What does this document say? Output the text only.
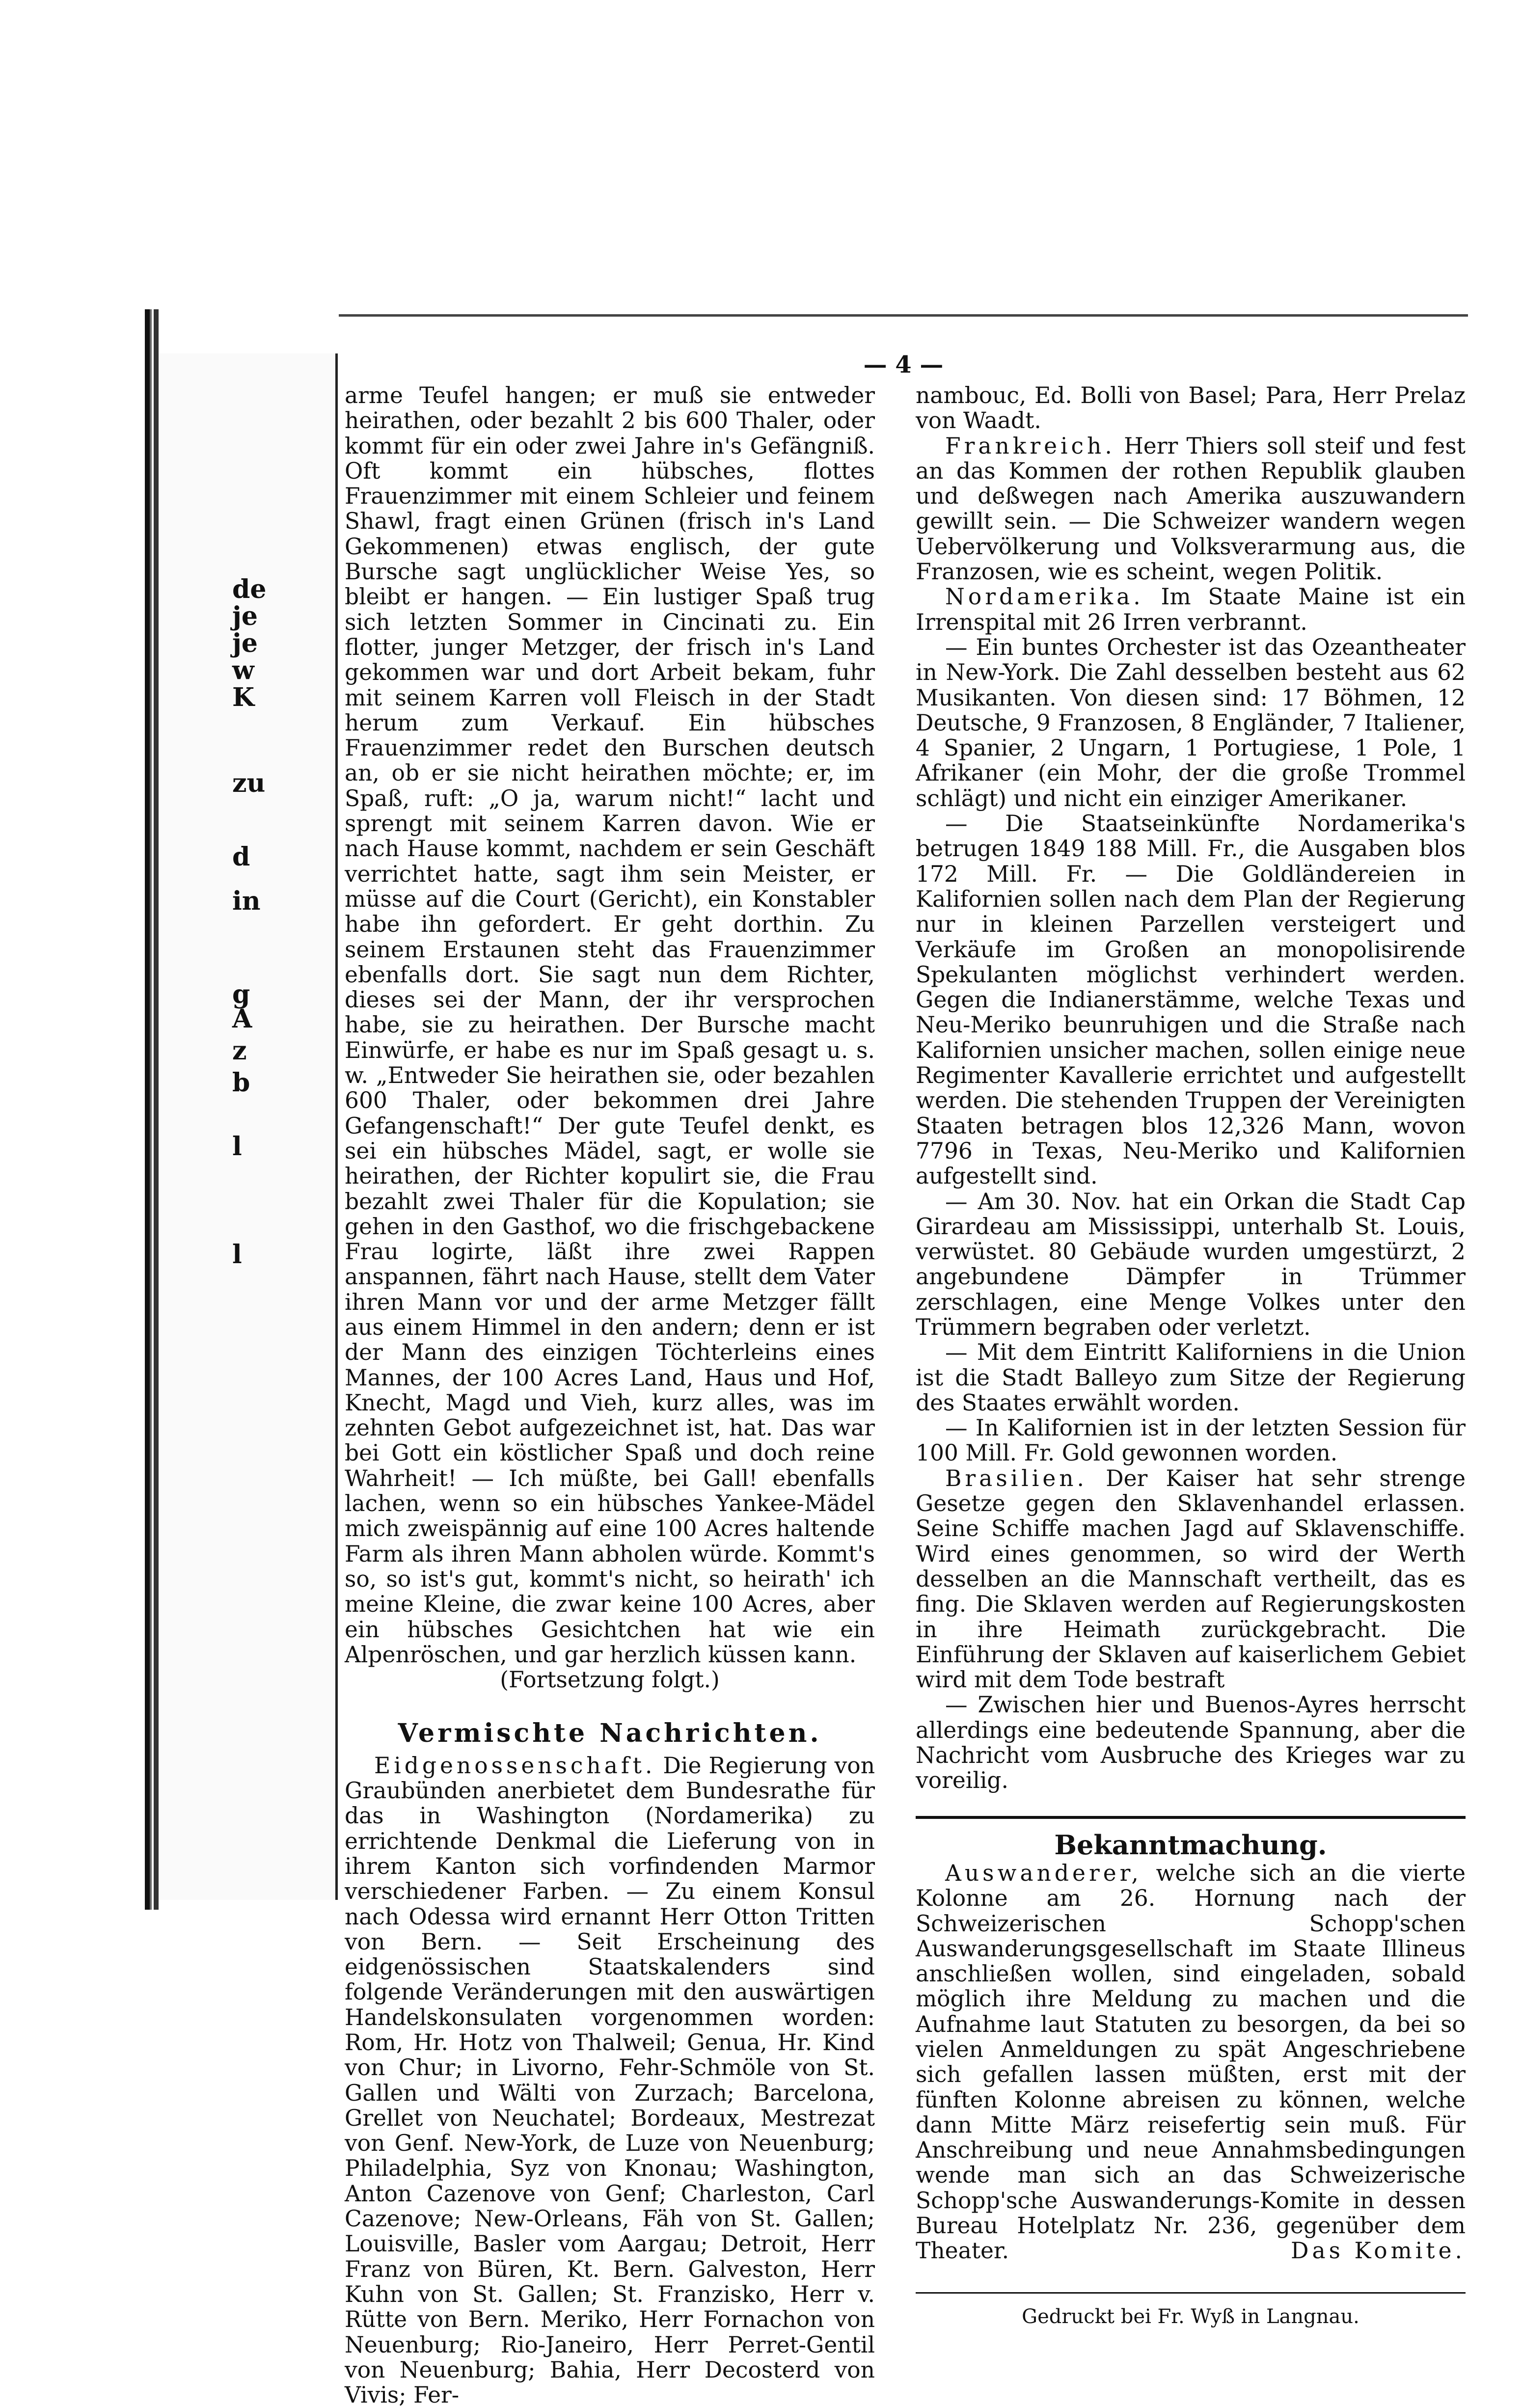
de
je
je
w
K
zu
d
in
g
A
z
b
l
l
— 4 —

arme Teufel hangen; er muß sie entweder heirathen, oder bezahlt 2 bis 600 Thaler, oder kommt für ein oder zwei Jahre in's Gefängniß. Oft kommt ein hübsches, flottes Frauenzimmer mit einem Schleier und feinem Shawl, fragt einen Grünen (frisch in's Land Gekommenen) etwas englisch, der gute Bursche sagt unglücklicher Weise Yes, so bleibt er hangen. — Ein lustiger Spaß trug sich letzten Sommer in Cincinati zu. Ein flotter, junger Metzger, der frisch in's Land gekommen war und dort Arbeit bekam, fuhr mit seinem Karren voll Fleisch in der Stadt herum zum Verkauf. Ein hübsches Frauenzimmer redet den Burschen deutsch an, ob er sie nicht heirathen möchte; er, im Spaß, ruft: „O ja, warum nicht!“ lacht und sprengt mit seinem Karren davon. Wie er nach Hause kommt, nachdem er sein Geschäft verrichtet hatte, sagt ihm sein Meister, er müsse auf die Court (Gericht), ein Konstabler habe ihn gefordert. Er geht dorthin. Zu seinem Erstaunen steht das Frauenzimmer ebenfalls dort. Sie sagt nun dem Richter, dieses sei der Mann, der ihr versprochen habe, sie zu heirathen. Der Bursche macht Einwürfe, er habe es nur im Spaß gesagt u. s. w. „Entweder Sie heirathen sie, oder bezahlen 600 Thaler, oder bekommen drei Jahre Gefangenschaft!“ Der gute Teufel denkt, es sei ein hübsches Mädel, sagt, er wolle sie heirathen, der Richter kopulirt sie, die Frau bezahlt zwei Thaler für die Kopulation; sie gehen in den Gasthof, wo die frischgebackene Frau logirte, läßt ihre zwei Rappen anspannen, fährt nach Hause, stellt dem Vater ihren Mann vor und der arme Metzger fällt aus einem Himmel in den andern; denn er ist der Mann des einzigen Töchterleins eines Mannes, der 100 Acres Land, Haus und Hof, Knecht, Magd und Vieh, kurz alles, was im zehnten Gebot aufgezeichnet ist, hat. Das war bei Gott ein köstlicher Spaß und doch reine Wahrheit! — Ich müßte, bei Gall! ebenfalls lachen, wenn so ein hübsches Yankee-Mädel mich zweispännig auf eine 100 Acres haltende Farm als ihren Mann abholen würde. Kommt's so, so ist's gut, kommt's nicht, so heirath' ich meine Kleine, die zwar keine 100 Acres, aber ein hübsches Gesichtchen hat wie ein Alpenröschen, und gar herzlich küssen kann.

(Fortsetzung folgt.)

Vermischte Nachrichten.

Eidgenossenschaft. Die Regierung von Graubünden anerbietet dem Bundesrathe für das in Washington (Nordamerika) zu errichtende Denkmal die Lieferung von in ihrem Kanton sich vorfindenden Marmor verschiedener Farben. — Zu einem Konsul nach Odessa wird ernannt Herr Otton Tritten von Bern. — Seit Erscheinung des eidgenössischen Staatskalenders sind folgende Veränderungen mit den auswärtigen Handelskonsulaten vorgenommen worden: Rom, Hr. Hotz von Thalweil; Genua, Hr. Kind von Chur; in Livorno, Fehr-Schmöle von St. Gallen und Wälti von Zurzach; Barcelona, Grellet von Neuchatel; Bordeaux, Mestrezat von Genf. New-York, de Luze von Neuenburg; Philadelphia, Syz von Knonau; Washington, Anton Cazenove von Genf; Charleston, Carl Cazenove; New-Orleans, Fäh von St. Gallen; Louisville, Basler vom Aargau; Detroit, Herr Franz von Büren, Kt. Bern. Galveston, Herr Kuhn von St. Gallen; St. Franzisko, Herr v. Rütte von Bern. Meriko, Herr Fornachon von Neuenburg; Rio-Janeiro, Herr Perret-Gentil von Neuenburg; Bahia, Herr Decosterd von Vivis; Fer-

nambouc, Ed. Bolli von Basel; Para, Herr Prelaz von Waadt.

Frankreich. Herr Thiers soll steif und fest an das Kommen der rothen Republik glauben und deßwegen nach Amerika auszuwandern gewillt sein. — Die Schweizer wandern wegen Uebervölkerung und Volksverarmung aus, die Franzosen, wie es scheint, wegen Politik.

Nordamerika. Im Staate Maine ist ein Irrenspital mit 26 Irren verbrannt.

— Ein buntes Orchester ist das Ozeantheater in New-York. Die Zahl desselben besteht aus 62 Musikanten. Von diesen sind: 17 Böhmen, 12 Deutsche, 9 Franzosen, 8 Engländer, 7 Italiener, 4 Spanier, 2 Ungarn, 1 Portugiese, 1 Pole, 1 Afrikaner (ein Mohr, der die große Trommel schlägt) und nicht ein einziger Amerikaner.

— Die Staatseinkünfte Nordamerika's betrugen 1849 188 Mill. Fr., die Ausgaben blos 172 Mill. Fr. — Die Goldländereien in Kalifornien sollen nach dem Plan der Regierung nur in kleinen Parzellen versteigert und Verkäufe im Großen an monopolisirende Spekulanten möglichst verhindert werden. Gegen die Indianerstämme, welche Texas und Neu-Meriko beunruhigen und die Straße nach Kalifornien unsicher machen, sollen einige neue Regimenter Kavallerie errichtet und aufgestellt werden. Die stehenden Truppen der Vereinigten Staaten betragen blos 12,326 Mann, wovon 7796 in Texas, Neu-Meriko und Kalifornien aufgestellt sind.

— Am 30. Nov. hat ein Orkan die Stadt Cap Girardeau am Mississippi, unterhalb St. Louis, verwüstet. 80 Gebäude wurden umgestürzt, 2 angebundene Dämpfer in Trümmer zerschlagen, eine Menge Volkes unter den Trümmern begraben oder verletzt.

— Mit dem Eintritt Kaliforniens in die Union ist die Stadt Balleyo zum Sitze der Regierung des Staates erwählt worden.

— In Kalifornien ist in der letzten Session für 100 Mill. Fr. Gold gewonnen worden.

Brasilien. Der Kaiser hat sehr strenge Gesetze gegen den Sklavenhandel erlassen. Seine Schiffe machen Jagd auf Sklavenschiffe. Wird eines genommen, so wird der Werth desselben an die Mannschaft vertheilt, das es fing. Die Sklaven werden auf Regierungskosten in ihre Heimath zurückgebracht. Die Einführung der Sklaven auf kaiserlichem Gebiet wird mit dem Tode bestraft

— Zwischen hier und Buenos-Ayres herrscht allerdings eine bedeutende Spannung, aber die Nachricht vom Ausbruche des Krieges war zu voreilig.

Bekanntmachung.

Auswanderer, welche sich an die vierte Kolonne am 26. Hornung nach der Schweizerischen Schopp'schen Auswanderungsgesellschaft im Staate Illineus anschließen wollen, sind eingeladen, sobald möglich ihre Meldung zu machen und die Aufnahme laut Statuten zu besorgen, da bei so vielen Anmeldungen zu spät Angeschriebene sich gefallen lassen müßten, erst mit der fünften Kolonne abreisen zu können, welche dann Mitte März reisefertig sein muß. Für Anschreibung und neue Annahmsbedingungen wende man sich an das Schweizerische Schopp'sche Auswanderungs-Komite in dessen Bureau Hotelplatz Nr. 236, gegenüber dem Theater.	Das Komite.

Gedruckt bei Fr. Wyß in Langnau.
